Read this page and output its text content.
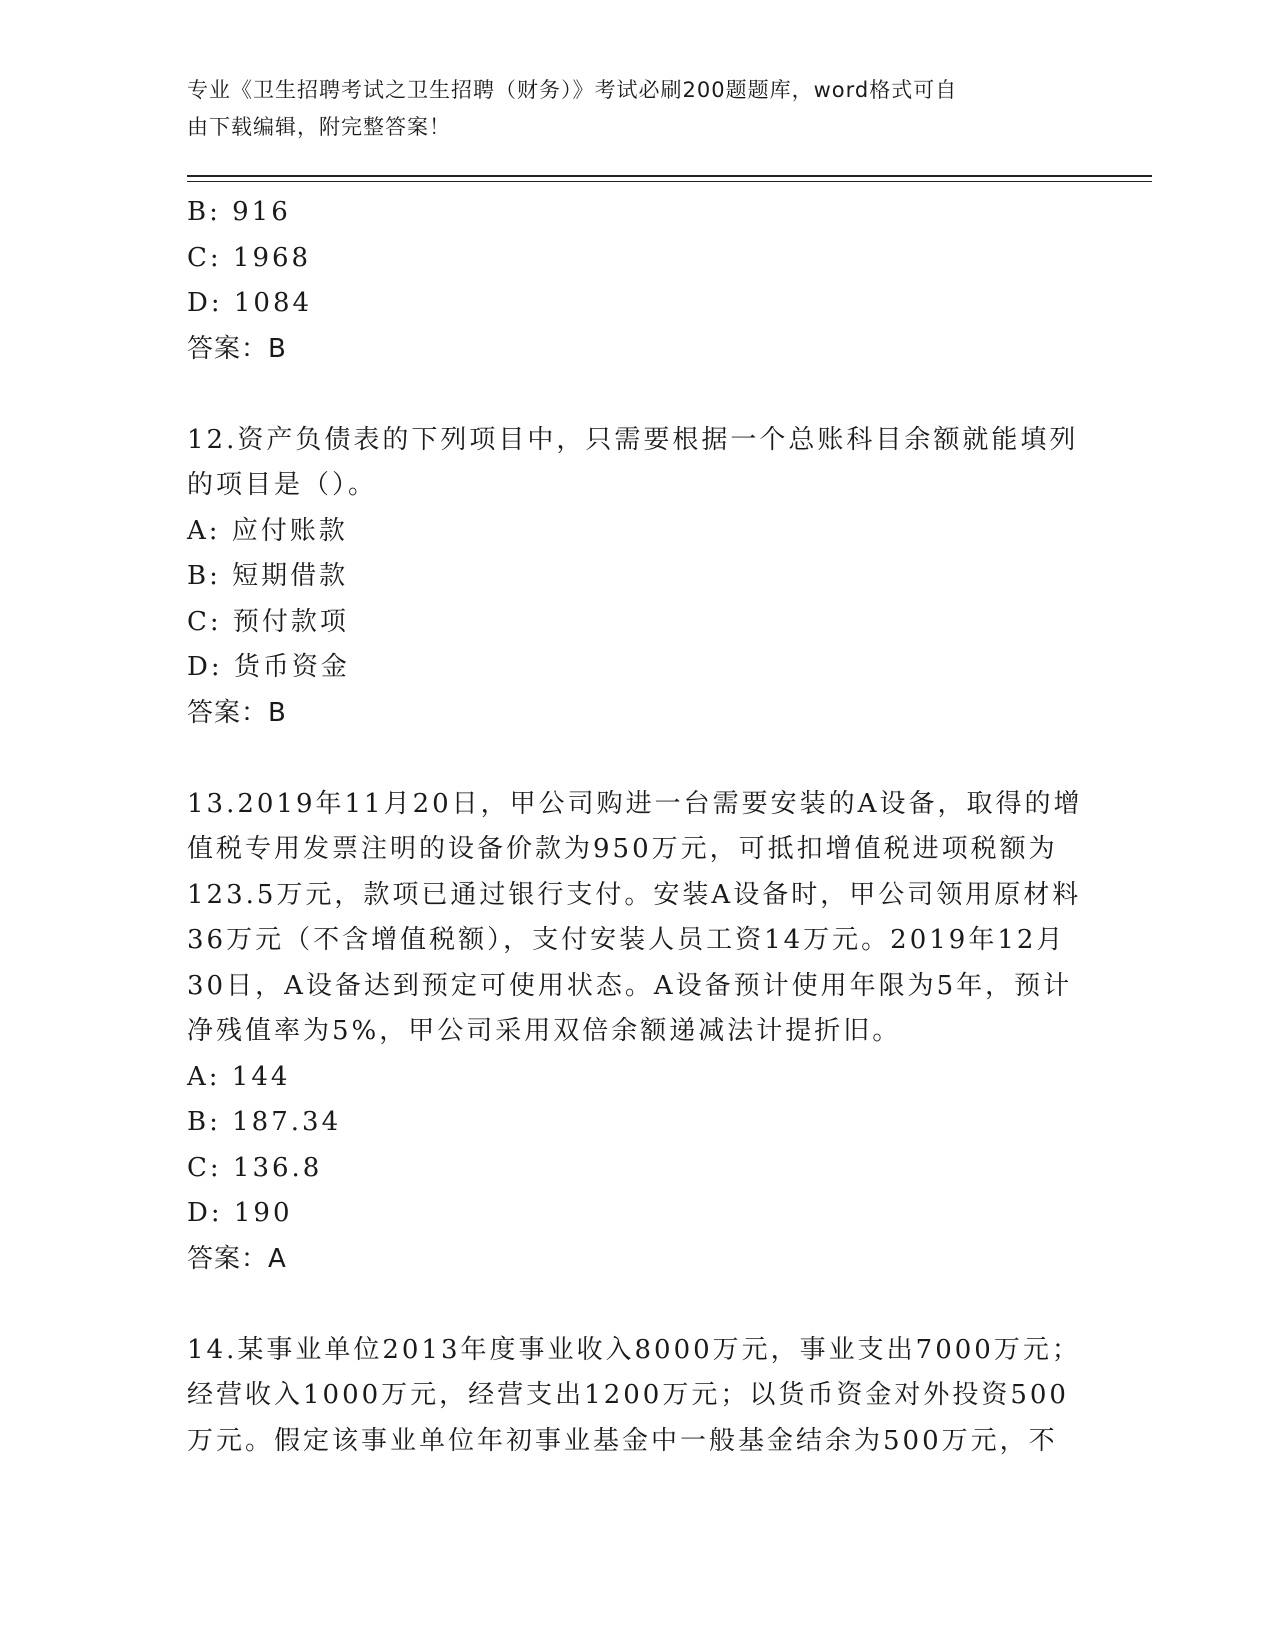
专业《卫生招聘考试之卫生招聘（财务）》考试必刷200题题库，word格式可自
由下载编辑，附完整答案！
B: 916
C: 1968
D: 1084
答案：B
12.资产负债表的下列项目中，只需要根据一个总账科目余额就能填列
的项目是（）。
A: 应付账款
B: 短期借款
C: 预付款项
D: 货币资金
答案：B
13.2019年11月20日，甲公司购进一台需要安装的A设备，取得的增
值税专用发票注明的设备价款为950万元，可抵扣增值税进项税额为
123.5万元，款项已通过银行支付。安装A设备时，甲公司领用原材料
36万元（不含增值税额），支付安装人员工资14万元。2019年12月
30日，A设备达到预定可使用状态。A设备预计使用年限为5年，预计
净残值率为5%，甲公司采用双倍余额递减法计提折旧。
A: 144
B: 187.34
C: 136.8
D: 190
答案：A
14.某事业单位2013年度事业收入8000万元，事业支出7000万元；
经营收入1000万元，经营支出1200万元；以货币资金对外投资500
万元。假定该事业单位年初事业基金中一般基金结余为500万元，不
